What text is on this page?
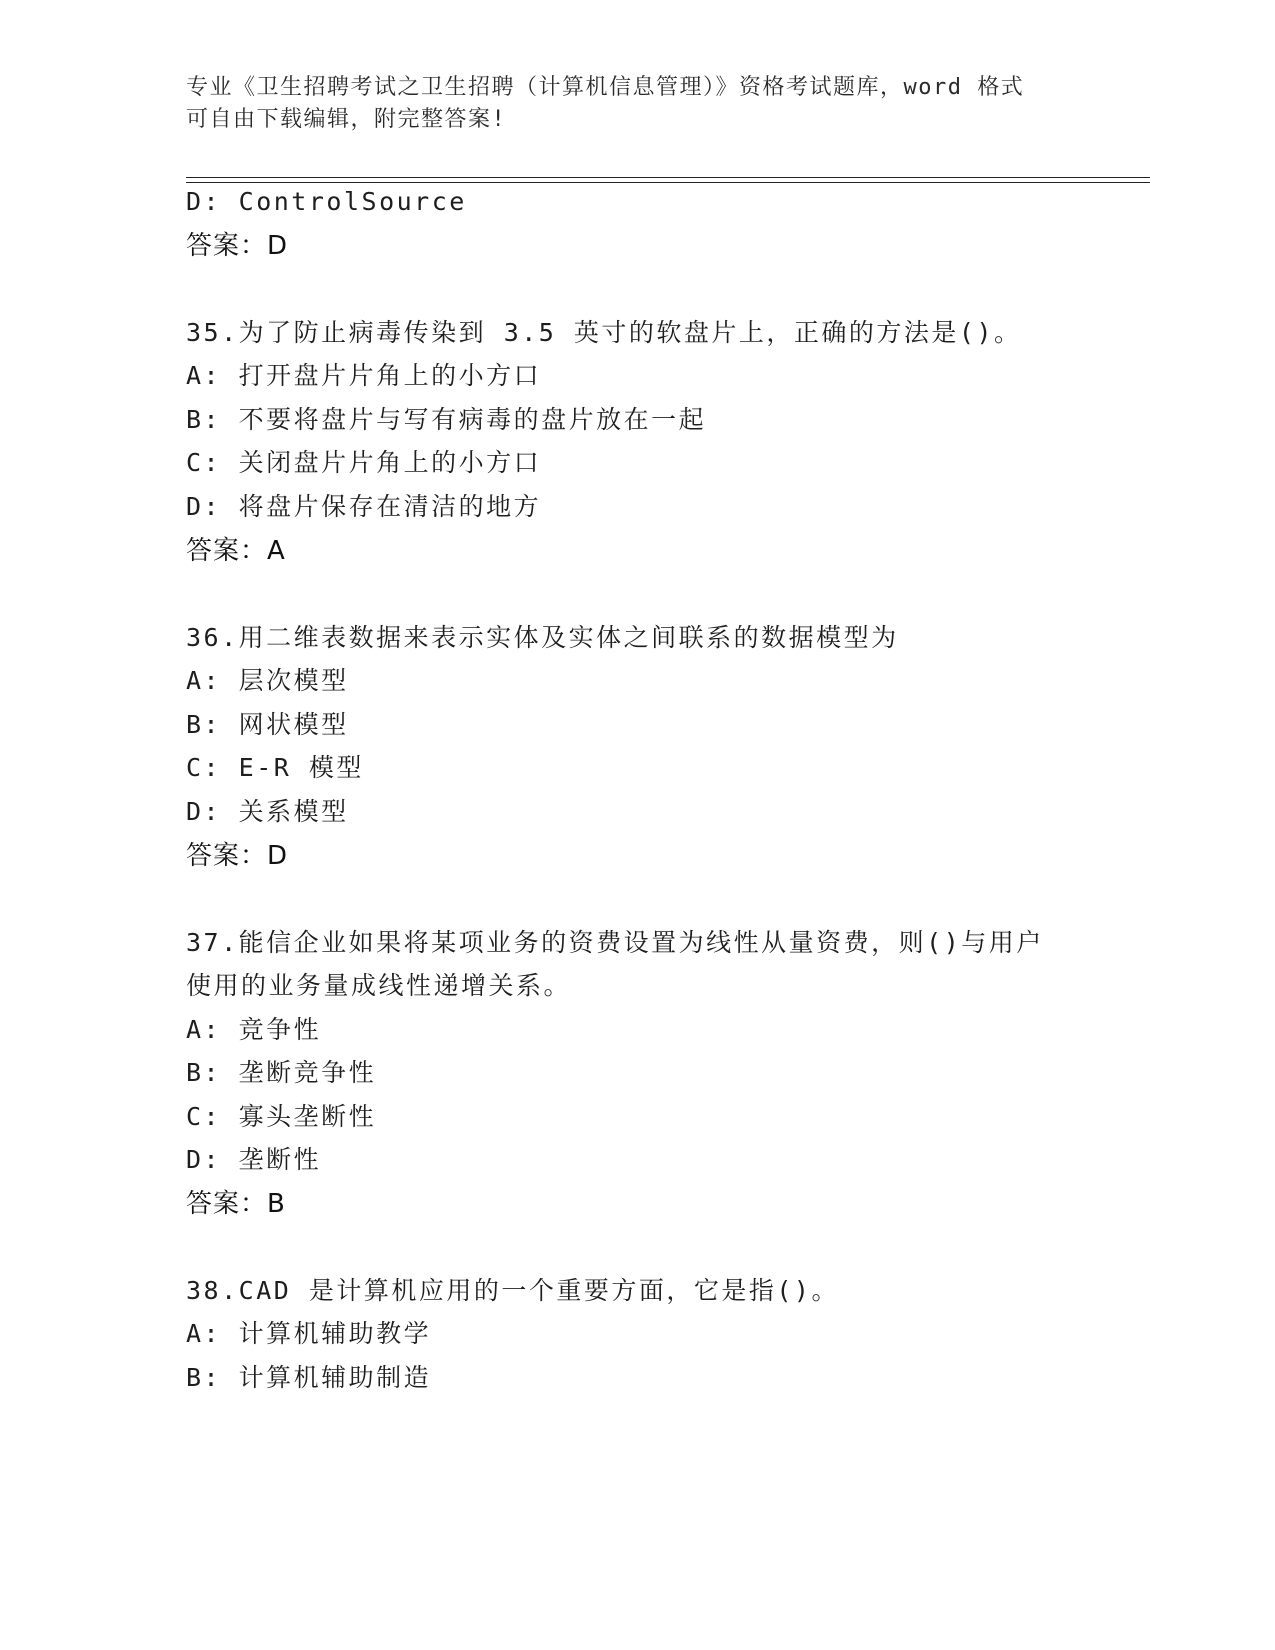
专业《卫生招聘考试之卫生招聘（计算机信息管理）》资格考试题库，word 格式
可自由下载编辑，附完整答案!
D: ControlSource
答案：D
35.为了防止病毒传染到 3.5 英寸的软盘片上，正确的方法是()。
A: 打开盘片片角上的小方口
B: 不要将盘片与写有病毒的盘片放在一起
C: 关闭盘片片角上的小方口
D: 将盘片保存在清洁的地方
答案：A
36.用二维表数据来表示实体及实体之间联系的数据模型为
A: 层次模型
B: 网状模型
C: E-R 模型
D: 关系模型
答案：D
37.能信企业如果将某项业务的资费设置为线性从量资费，则()与用户
使用的业务量成线性递增关系。
A: 竞争性
B: 垄断竞争性
C: 寡头垄断性
D: 垄断性
答案：B
38.CAD 是计算机应用的一个重要方面，它是指()。
A: 计算机辅助教学
B: 计算机辅助制造
